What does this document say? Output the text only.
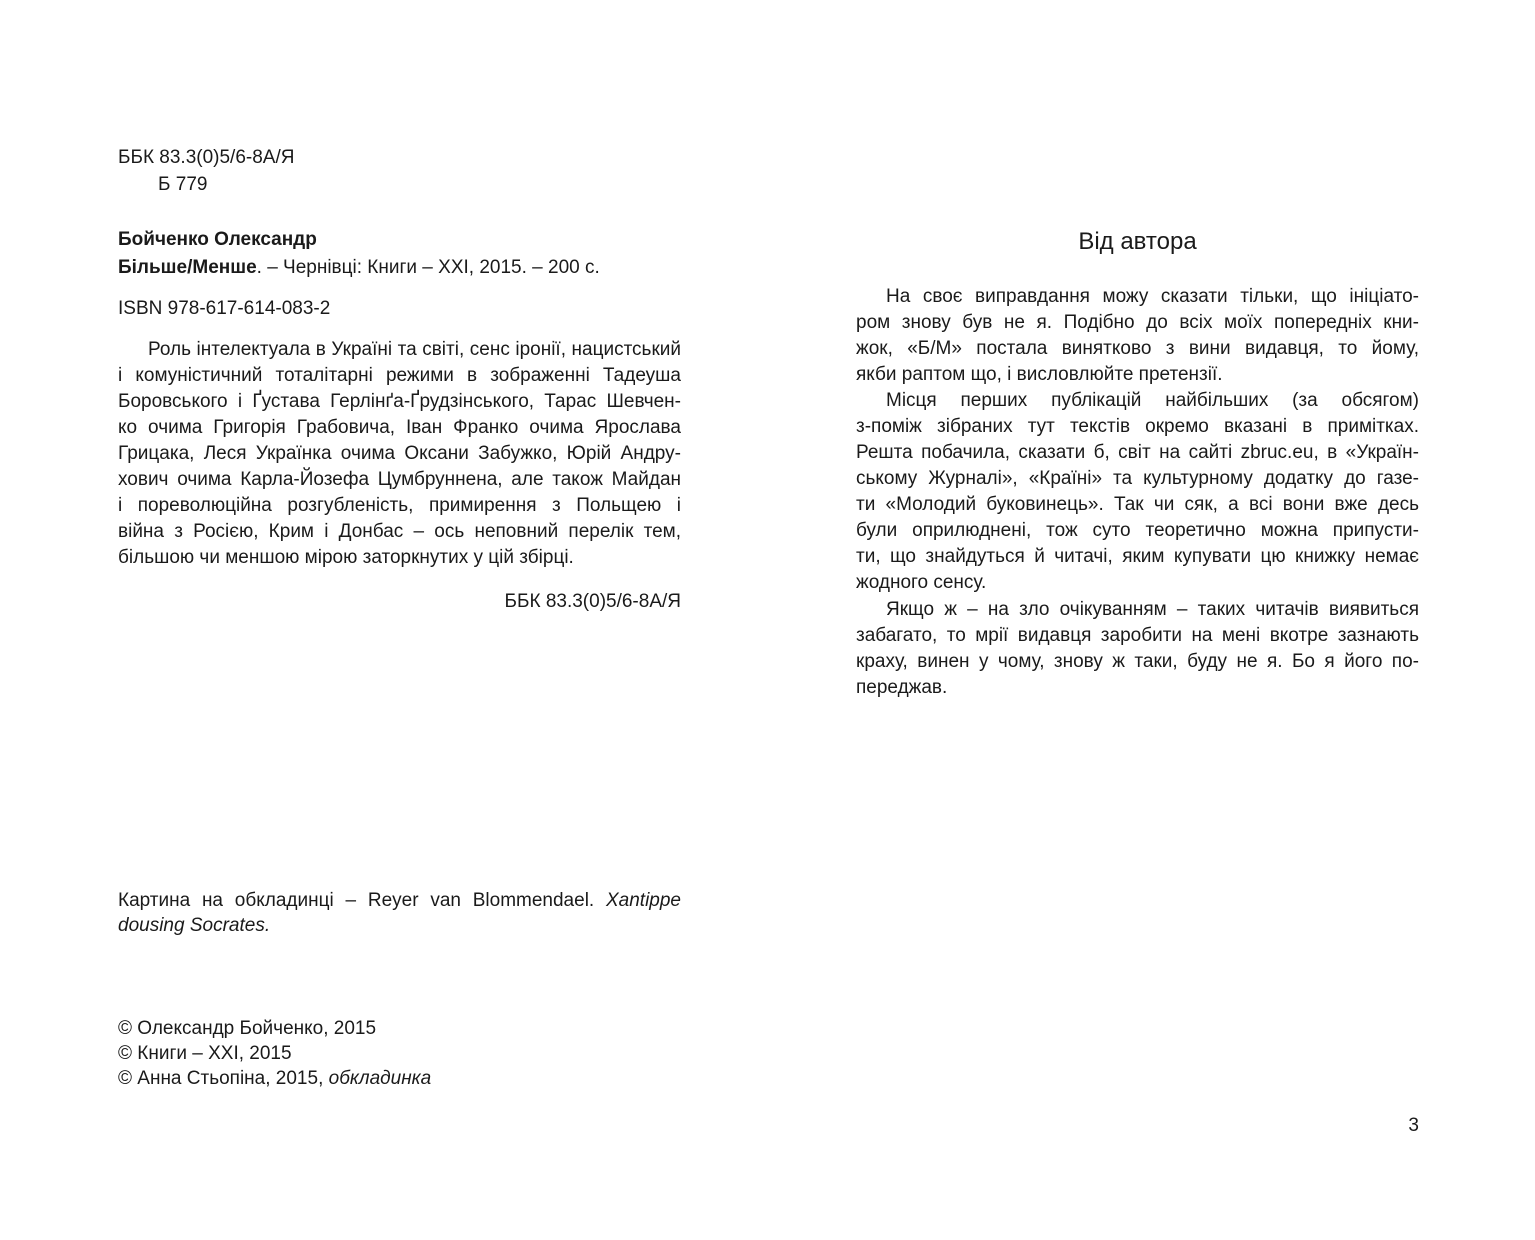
ББК 83.3(0)5/6-8А/Я
Б 779
Бойченко Олександр
Більше/Менше. – Чернівці: Книги – ХХІ, 2015. – 200 с.
ISBN 978-617-614-083-2
Роль інтелектуала в Україні та світі, сенс іронії, нацистський
і комуністичний тоталітарні режими в зображенні Тадеуша
Боровського і Ґустава Герлінґа-Ґрудзінського, Тарас Шевчен-
ко очима Григорія Грабовича, Іван Франко очима Ярослава
Грицака, Леся Українка очима Оксани Забужко, Юрій Андру-
хович очима Карла-Йозефа Цумбруннена, але також Майдан
і пореволюційна розгубленість, примирення з Польщею і
війна з Росією, Крим і Донбас – ось неповний перелік тем,
більшою чи меншою мірою заторкнутих у цій збірці.
ББК 83.3(0)5/6-8А/Я
Картина на обкладинці – Reyer van Blommendael. Xantippe
dousing Socrates.
© Олександр Бойченко, 2015
© Книги – ХХІ, 2015
© Анна Стьопіна, 2015, обкладинка
Від автора
На своє виправдання можу сказати тільки, що ініціато-
ром знову був не я. Подібно до всіх моїх попередніх кни-
жок, «Б/М» постала винятково з вини видавця, то йому,
якби раптом що, і висловлюйте претензії.
Місця перших публікацій найбільших (за обсягом)
з-поміж зібраних тут текстів окремо вказані в примітках.
Решта побачила, сказати б, світ на сайті zbruc.eu, в «Україн-
ському Журналі», «Країні» та культурному додатку до газе-
ти «Молодий буковинець». Так чи сяк, а всі вони вже десь
були оприлюднені, тож суто теоретично можна припусти-
ти, що знайдуться й читачі, яким купувати цю книжку немає
жодного сенсу.
Якщо ж – на зло очікуванням – таких читачів виявиться
забагато, то мрії видавця заробити на мені вкотре зазнають
краху, винен у чому, знову ж таки, буду не я. Бо я його по-
переджав.
3
